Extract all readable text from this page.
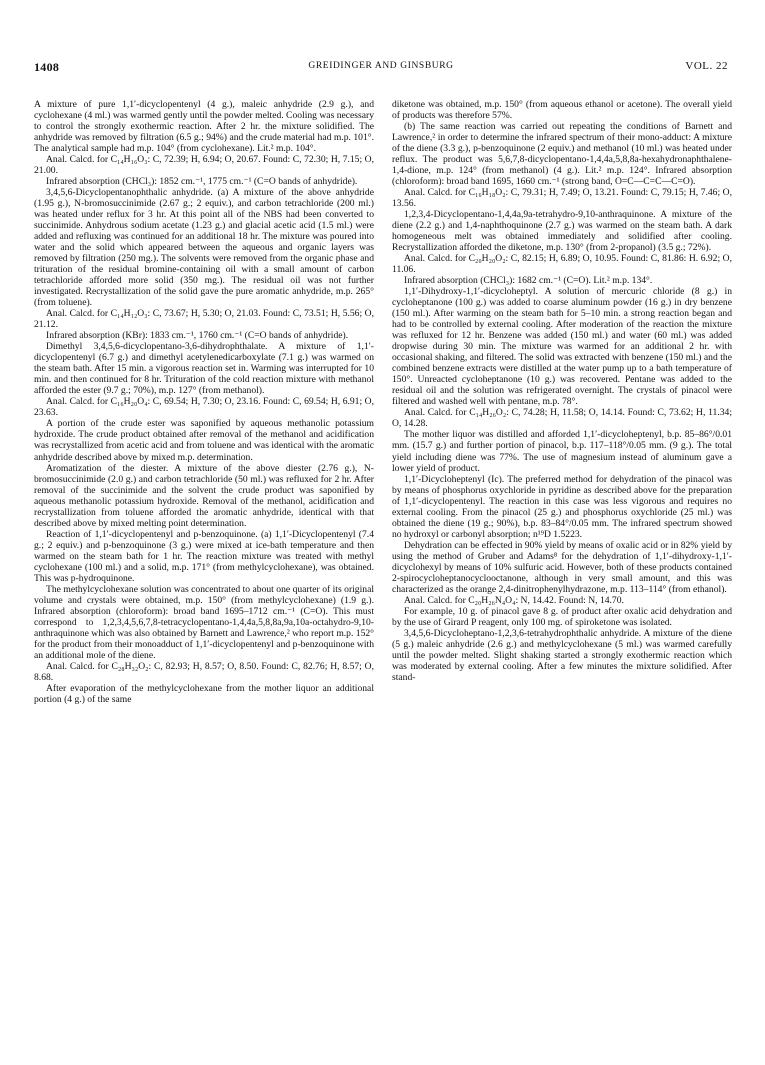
1408	GREIDINGER AND GINSBURG	VOL. 22

A mixture of pure 1,1′-dicyclopentenyl (4 g.), maleic anhydride (2.9 g.), and cyclohexane (4 ml.) was warmed gently until the powder melted. Cooling was necessary to control the strongly exothermic reaction. After 2 hr. the mixture solidified. The anhydride was removed by filtration (6.5 g.; 94%) and the crude material had m.p. 101°. The analytical sample had m.p. 104° (from cyclohexane). Lit.² m.p. 104°.

Anal. Calcd. for C₁₄H₁₆O₃: C, 72.39; H, 6.94; O, 20.67. Found: C, 72.30; H, 7.15; O, 21.00.

Infrared absorption (CHCl₃): 1852 cm.⁻¹, 1775 cm.⁻¹ (C=O bands of anhydride).

3,4,5,6-Dicyclopentanophthalic anhydride. (a) A mixture of the above anhydride (1.95 g.), N-bromosuccinimide (2.67 g.; 2 equiv.), and carbon tetrachloride (200 ml.) was heated under reflux for 3 hr. At this point all of the NBS had been converted to succinimide. Anhydrous sodium acetate (1.23 g.) and glacial acetic acid (1.5 ml.) were added and refluxing was continued for an additional 18 hr. The mixture was poured into water and the solid which appeared between the aqueous and organic layers was removed by filtration (250 mg.). The solvents were removed from the organic phase and trituration of the residual bromine-containing oil with a small amount of carbon tetrachloride afforded more solid (350 mg.). The residual oil was not further investigated. Recrystallization of the solid gave the pure aromatic anhydride, m.p. 265° (from toluene).

Anal. Calcd. for C₁₄H₁₂O₃: C, 73.67; H, 5.30; O, 21.03. Found: C, 73.51; H, 5.56; O, 21.12.

Infrared absorption (KBr): 1833 cm.⁻¹, 1760 cm.⁻¹ (C=O bands of anhydride).

Dimethyl 3,4,5,6-dicyclopentano-3,6-dihydrophthalate. A mixture of 1,1′-dicyclopentenyl (6.7 g.) and dimethyl acetylenedicarboxylate (7.1 g.) was warmed on the steam bath. After 15 min. a vigorous reaction set in. Warming was interrupted for 10 min. and then continued for 8 hr. Trituration of the cold reaction mixture with methanol afforded the ester (9.7 g.; 70%), m.p. 127° (from methanol).

Anal. Calcd. for C₁₆H₂₀O₄: C, 69.54; H, 7.30; O, 23.16. Found: C, 69.54; H, 6.91; O, 23.63.

A portion of the crude ester was saponified by aqueous methanolic potassium hydroxide. The crude product obtained after removal of the methanol and acidification was recrystallized from acetic acid and from toluene and was identical with the aromatic anhydride described above by mixed m.p. determination.

Aromatization of the diester. A mixture of the above diester (2.76 g.), N-bromosuccinimide (2.0 g.) and carbon tetrachloride (50 ml.) was refluxed for 2 hr. After removal of the succinimide and the solvent the crude product was saponified by aqueous methanolic potassium hydroxide. Removal of the methanol, acidification and recrystallization from toluene afforded the aromatic anhydride, identical with that described above by mixed melting point determination.

Reaction of 1,1′-dicyclopentenyl and p-benzoquinone. (a) 1,1′-Dicyclopentenyl (7.4 g.; 2 equiv.) and p-benzoquinone (3 g.) were mixed at ice-bath temperature and then warmed on the steam bath for 1 hr. The reaction mixture was treated with methyl cyclohexane (100 ml.) and a solid, m.p. 171° (from methylcyclohexane), was obtained. This was p-hydroquinone.

The methylcyclohexane solution was concentrated to about one quarter of its original volume and crystals were obtained, m.p. 150° (from methylcyclohexane) (1.9 g.). Infrared absorption (chloroform): broad band 1695–1712 cm.⁻¹ (C=O). This must correspond to 1,2,3,4,5,6,7,8-tetracyclopentano-1,4,4a,5,8,8a,9a,10a-octahydro-9,10-anthraquinone which was also obtained by Barnett and Lawrence,² who report m.p. 152° for the product from their monoadduct of 1,1′-dicyclopentenyl and p-benzoquinone with an additional mole of the diene.

Anal. Calcd. for C₂₈H₃₂O₂: C, 82.93; H, 8.57; O, 8.50. Found: C, 82.76; H, 8.57; O, 8.68.

After evaporation of the methylcyclohexane from the mother liquor an additional portion (4 g.) of the same

diketone was obtained, m.p. 150° (from aqueous ethanol or acetone). The overall yield of products was therefore 57%.

(b) The same reaction was carried out repeating the conditions of Barnett and Lawrence,² in order to determine the infrared spectrum of their mono-adduct: A mixture of the diene (3.3 g.), p-benzoquinone (2 equiv.) and methanol (10 ml.) was heated under reflux. The product was 5,6,7,8-dicyclopentano-1,4,4a,5,8,8a-hexahydronaphthalene-1,4-dione, m.p. 124° (from methanol) (4 g.). Lit.² m.p. 124°. Infrared absorption (chloroform): broad band 1695, 1660 cm.⁻¹ (strong band, O=C—C=C—C=O).

Anal. Calcd. for C₁₆H₁₈O₂: C, 79.31; H, 7.49; O, 13.21. Found: C, 79.15; H, 7.46; O, 13.56.

1,2,3,4-Dicyclopentano-1,4,4a,9a-tetrahydro-9,10-anthraquinone. A mixture of the diene (2.2 g.) and 1,4-naphthoquinone (2.7 g.) was warmed on the steam bath. A dark homogeneous melt was obtained immediately and solidified after cooling. Recrystallization afforded the diketone, m.p. 130° (from 2-propanol) (3.5 g.; 72%).

Anal. Calcd. for C₂₀H₂₀O₂: C, 82.15; H, 6.89; O, 10.95. Found: C, 81.86: H. 6.92; O, 11.06.

Infrared absorption (CHCl₃): 1682 cm.⁻¹ (C=O). Lit.² m.p. 134°.

1,1′-Dihydroxy-1,1′-dicycloheptyl. A solution of mercuric chloride (8 g.) in cycloheptanone (100 g.) was added to coarse aluminum powder (16 g.) in dry benzene (150 ml.). After warming on the steam bath for 5–10 min. a strong reaction began and had to be controlled by external cooling. After moderation of the reaction the mixture was refluxed for 12 hr. Benzene was added (150 ml.) and water (60 ml.) was added dropwise during 30 min. The mixture was warmed for an additional 2 hr. with occasional shaking, and filtered. The solid was extracted with benzene (150 ml.) and the combined benzene extracts were distilled at the water pump up to a bath temperature of 150°. Unreacted cycloheptanone (10 g.) was recovered. Pentane was added to the residual oil and the solution was refrigerated overnight. The crystals of pinacol were filtered and washed well with pentane, m.p. 78°.

Anal. Calcd. for C₁₄H₂₆O₂: C, 74.28; H, 11.58; O, 14.14. Found: C, 73.62; H, 11.34; O, 14.28.

The mother liquor was distilled and afforded 1,1′-dicycloheptenyl, b.p. 85–86°/0.01 mm. (15.7 g.) and further portion of pinacol, b.p. 117–118°/0.05 mm. (9 g.). The total yield including diene was 77%. The use of magnesium instead of aluminum gave a lower yield of product.

1,1′-Dicycloheptenyl (Ic). The preferred method for dehydration of the pinacol was by means of phosphorus oxychloride in pyridine as described above for the preparation of 1,1′-dicyclopentenyl. The reaction in this case was less vigorous and requires no external cooling. From the pinacol (25 g.) and phosphorus oxychloride (25 ml.) was obtained the diene (19 g.; 90%), b.p. 83–84°/0.05 mm. The infrared spectrum showed no hydroxyl or carbonyl absorption; n¹⁹D 1.5223.

Dehydration can be effected in 90% yield by means of oxalic acid or in 82% yield by using the method of Gruber and Adams⁸ for the dehydration of 1,1′-dihydroxy-1,1′-dicyclohexyl by means of 10% sulfuric acid. However, both of these products contained 2-spirocycloheptanocyclooctanone, although in very small amount, and this was characterized as the orange 2,4-dinitrophenylhydrazone, m.p. 113–114° (from ethanol).

Anal. Calcd. for C₂₀H₂₆N₄O₄: N, 14.42. Found: N, 14.70.

For example, 10 g. of pinacol gave 8 g. of product after oxalic acid dehydration and by the use of Girard P reagent, only 100 mg. of spiroketone was isolated.

3,4,5,6-Dicycloheptano-1,2,3,6-tetrahydrophthalic anhydride. A mixture of the diene (5 g.) maleic anhydride (2.6 g.) and methylcyclohexane (5 ml.) was warmed carefully until the powder melted. Slight shaking started a strongly exothermic reaction which was moderated by external cooling. After a few minutes the mixture solidified. After stand-
